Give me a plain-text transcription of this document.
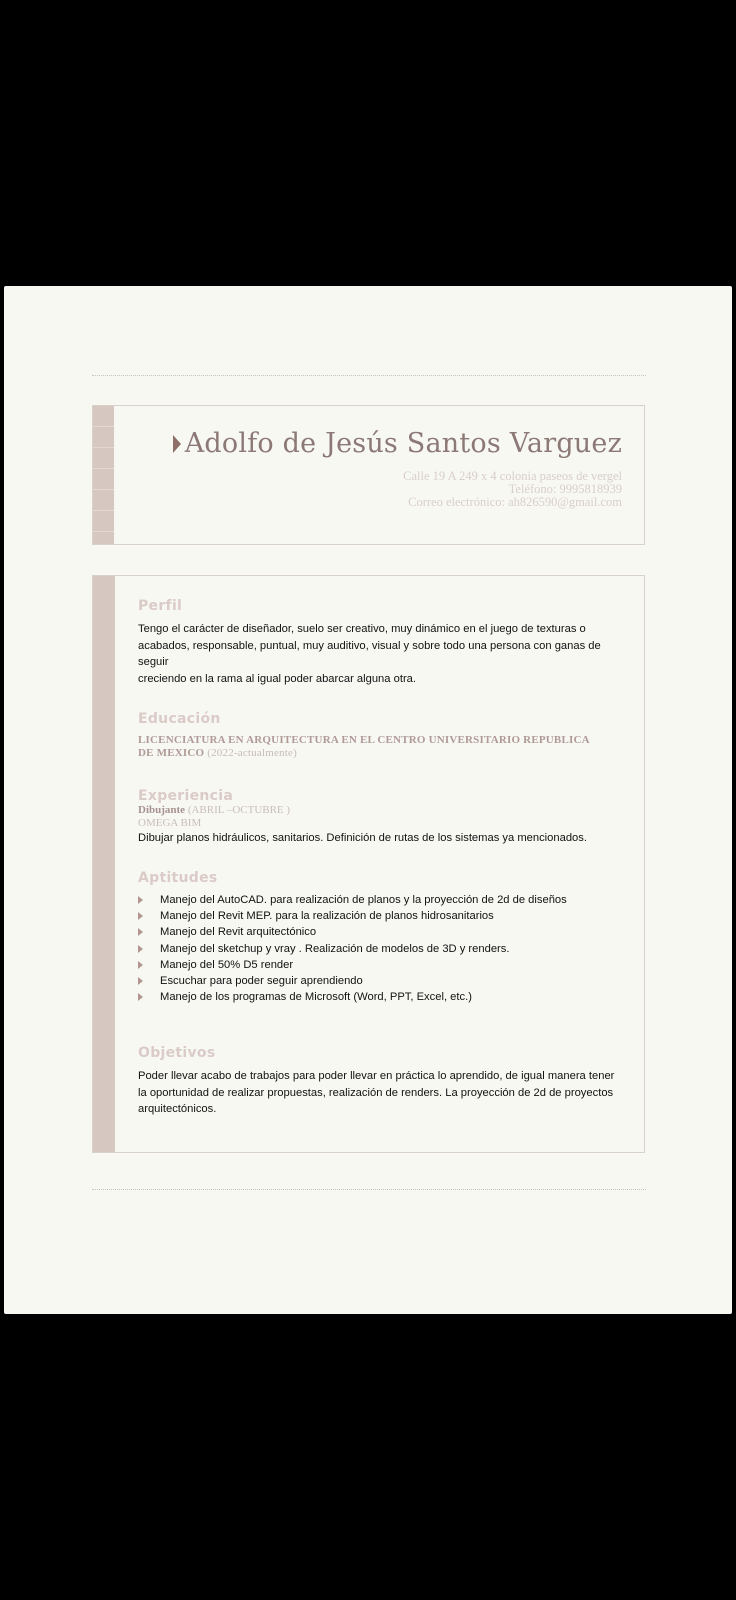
Adolfo de Jesús Santos Varguez
Calle 19 A 249 x 4 colonia paseos de vergel
Teléfono: 9995818939
Correo electrónico: ah826590@gmail.com
Perfil

Tengo el carácter de diseñador, suelo ser creativo, muy dinámico en el juego de texturas o

acabados, responsable, puntual, muy auditivo, visual y sobre todo una persona con ganas de seguir

creciendo en la rama al igual poder abarcar alguna otra.

Educación
LICENCIATURA EN ARQUITECTURA EN EL CENTRO UNIVERSITARIO REPUBLICA
DE MEXICO (2022-actualmente)
Experiencia
Dibujante (ABRIL –OCTUBRE )
OMEGA BIM

Dibujar planos hidráulicos, sanitarios. Definición de rutas de los sistemas ya mencionados.

Aptitudes
Manejo del AutoCAD. para realización de planos y la proyección de 2d de diseños
Manejo del Revit MEP. para la realización de planos hidrosanitarios
Manejo del Revit arquitectónico
Manejo del sketchup y vray . Realización de modelos de 3D y renders.
Manejo del 50% D5 render
Escuchar para poder seguir aprendiendo
Manejo de los programas de Microsoft (Word, PPT, Excel, etc.)
Objetivos

Poder llevar acabo de trabajos para poder llevar en práctica lo aprendido, de igual manera tener

la oportunidad de realizar propuestas, realización de renders. La proyección de 2d de proyectos

arquitectónicos.
